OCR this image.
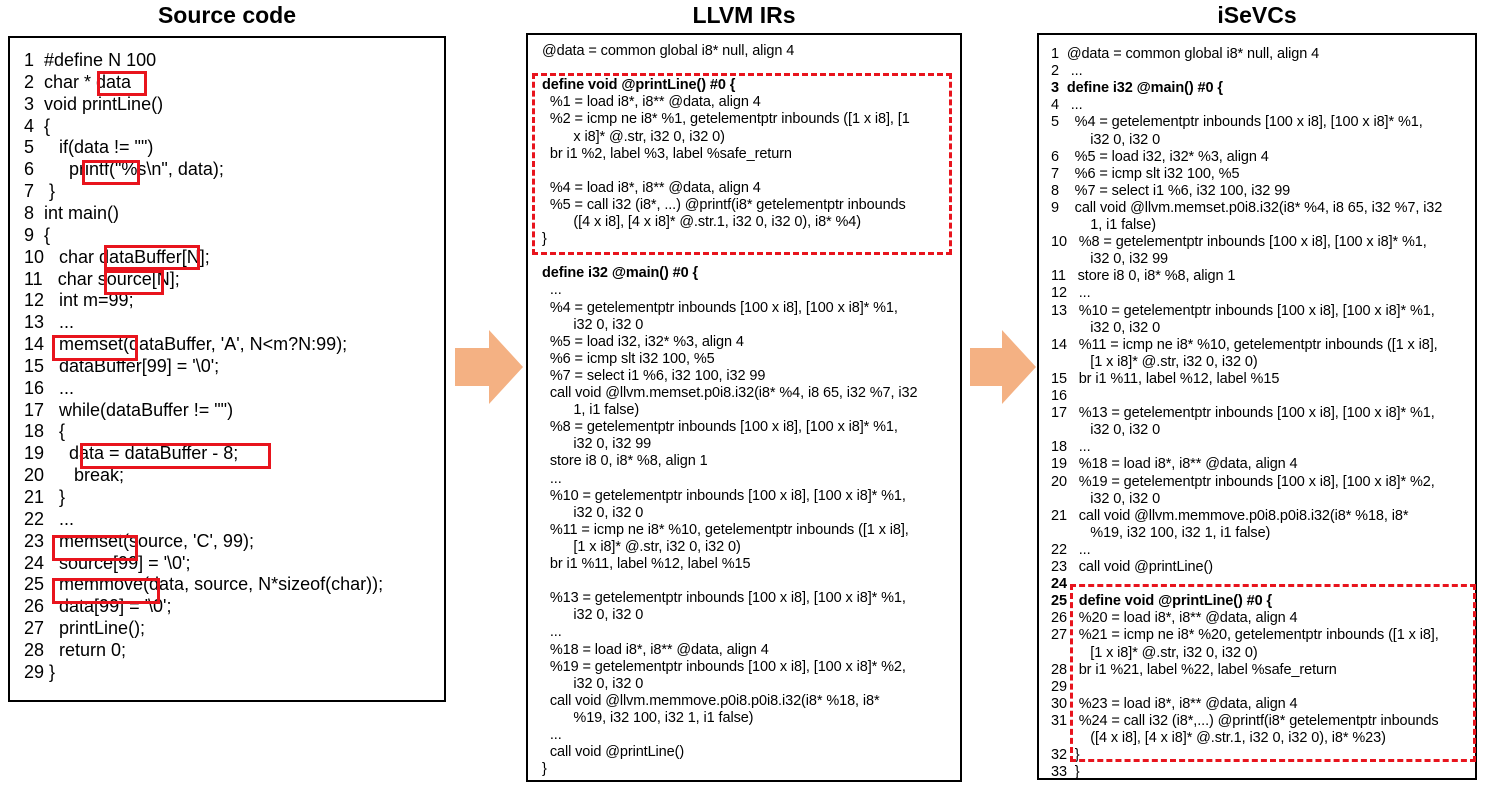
Source code	LLVM IRs	iSeVCs
1  #define N 100
2  char * data
3  void printLine()
4  {
5     if(data != "")
6       printf("%s\n", data);
7   }
8  int main()
9  {
10   char dataBuffer[N];
11   char source[N];
12   int m=99;
13   ...
14   memset(dataBuffer, 'A', N<m?N:99);
15   dataBuffer[99] = '\0';
16   ...
17   while(dataBuffer != "")
18   {
19     data = dataBuffer - 8;
20      break;
21   }
22   ...
23   memset(source, 'C', 99);
24   source[99] = '\0';
25   memmove(data, source, N*sizeof(char));
26   data[99] = '\0';
27   printLine();
28   return 0;
29 }
@data = common global i8* null, align 4
define void @printLine() #0 {
%1 = load i8*, i8** @data, align 4
%2 = icmp ne i8* %1, getelementptr inbounds ([1 x i8], [1
x i8]* @.str, i32 0, i32 0)
br i1 %2, label %3, label %safe_return
%4 = load i8*, i8** @data, align 4
%5 = call i32 (i8*, ...) @printf(i8* getelementptr inbounds
([4 x i8], [4 x i8]* @.str.1, i32 0, i32 0), i8* %4)
}
define i32 @main() #0 {
...
%4 = getelementptr inbounds [100 x i8], [100 x i8]* %1,
i32 0, i32 0
%5 = load i32, i32* %3, align 4
%6 = icmp slt i32 100, %5
%7 = select i1 %6, i32 100, i32 99
call void @llvm.memset.p0i8.i32(i8* %4, i8 65, i32 %7, i32
1, i1 false)
%8 = getelementptr inbounds [100 x i8], [100 x i8]* %1,
i32 0, i32 99
store i8 0, i8* %8, align 1
...
%10 = getelementptr inbounds [100 x i8], [100 x i8]* %1,
i32 0, i32 0
%11 = icmp ne i8* %10, getelementptr inbounds ([1 x i8],
[1 x i8]* @.str, i32 0, i32 0)
br i1 %11, label %12, label %15
%13 = getelementptr inbounds [100 x i8], [100 x i8]* %1,
i32 0, i32 0
...
%18 = load i8*, i8** @data, align 4
%19 = getelementptr inbounds [100 x i8], [100 x i8]* %2,
i32 0, i32 0
call void @llvm.memmove.p0i8.p0i8.i32(i8* %18, i8*
%19, i32 100, i32 1, i1 false)
...
call void @printLine()
}
1  @data = common global i8* null, align 4
2   ...
3  define i32 @main() #0 {
4   ...
5    %4 = getelementptr inbounds [100 x i8], [100 x i8]* %1,
i32 0, i32 0
6    %5 = load i32, i32* %3, align 4
7    %6 = icmp slt i32 100, %5
8    %7 = select i1 %6, i32 100, i32 99
9    call void @llvm.memset.p0i8.i32(i8* %4, i8 65, i32 %7, i32
1, i1 false)
10   %8 = getelementptr inbounds [100 x i8], [100 x i8]* %1,
i32 0, i32 99
11   store i8 0, i8* %8, align 1
12   ...
13   %10 = getelementptr inbounds [100 x i8], [100 x i8]* %1,
i32 0, i32 0
14   %11 = icmp ne i8* %10, getelementptr inbounds ([1 x i8],
[1 x i8]* @.str, i32 0, i32 0)
15   br i1 %11, label %12, label %15
16
17   %13 = getelementptr inbounds [100 x i8], [100 x i8]* %1,
i32 0, i32 0
18   ...
19   %18 = load i8*, i8** @data, align 4
20   %19 = getelementptr inbounds [100 x i8], [100 x i8]* %2,
i32 0, i32 0
21   call void @llvm.memmove.p0i8.p0i8.i32(i8* %18, i8*
%19, i32 100, i32 1, i1 false)
22   ...
23   call void @printLine()
24
25   define void @printLine() #0 {
26   %20 = load i8*, i8** @data, align 4
27   %21 = icmp ne i8* %20, getelementptr inbounds ([1 x i8],
[1 x i8]* @.str, i32 0, i32 0)
28   br i1 %21, label %22, label %safe_return
29
30   %23 = load i8*, i8** @data, align 4
31   %24 = call i32 (i8*,...) @printf(i8* getelementptr inbounds
([4 x i8], [4 x i8]* @.str.1, i32 0, i32 0), i8* %23)
32  }
33  }
